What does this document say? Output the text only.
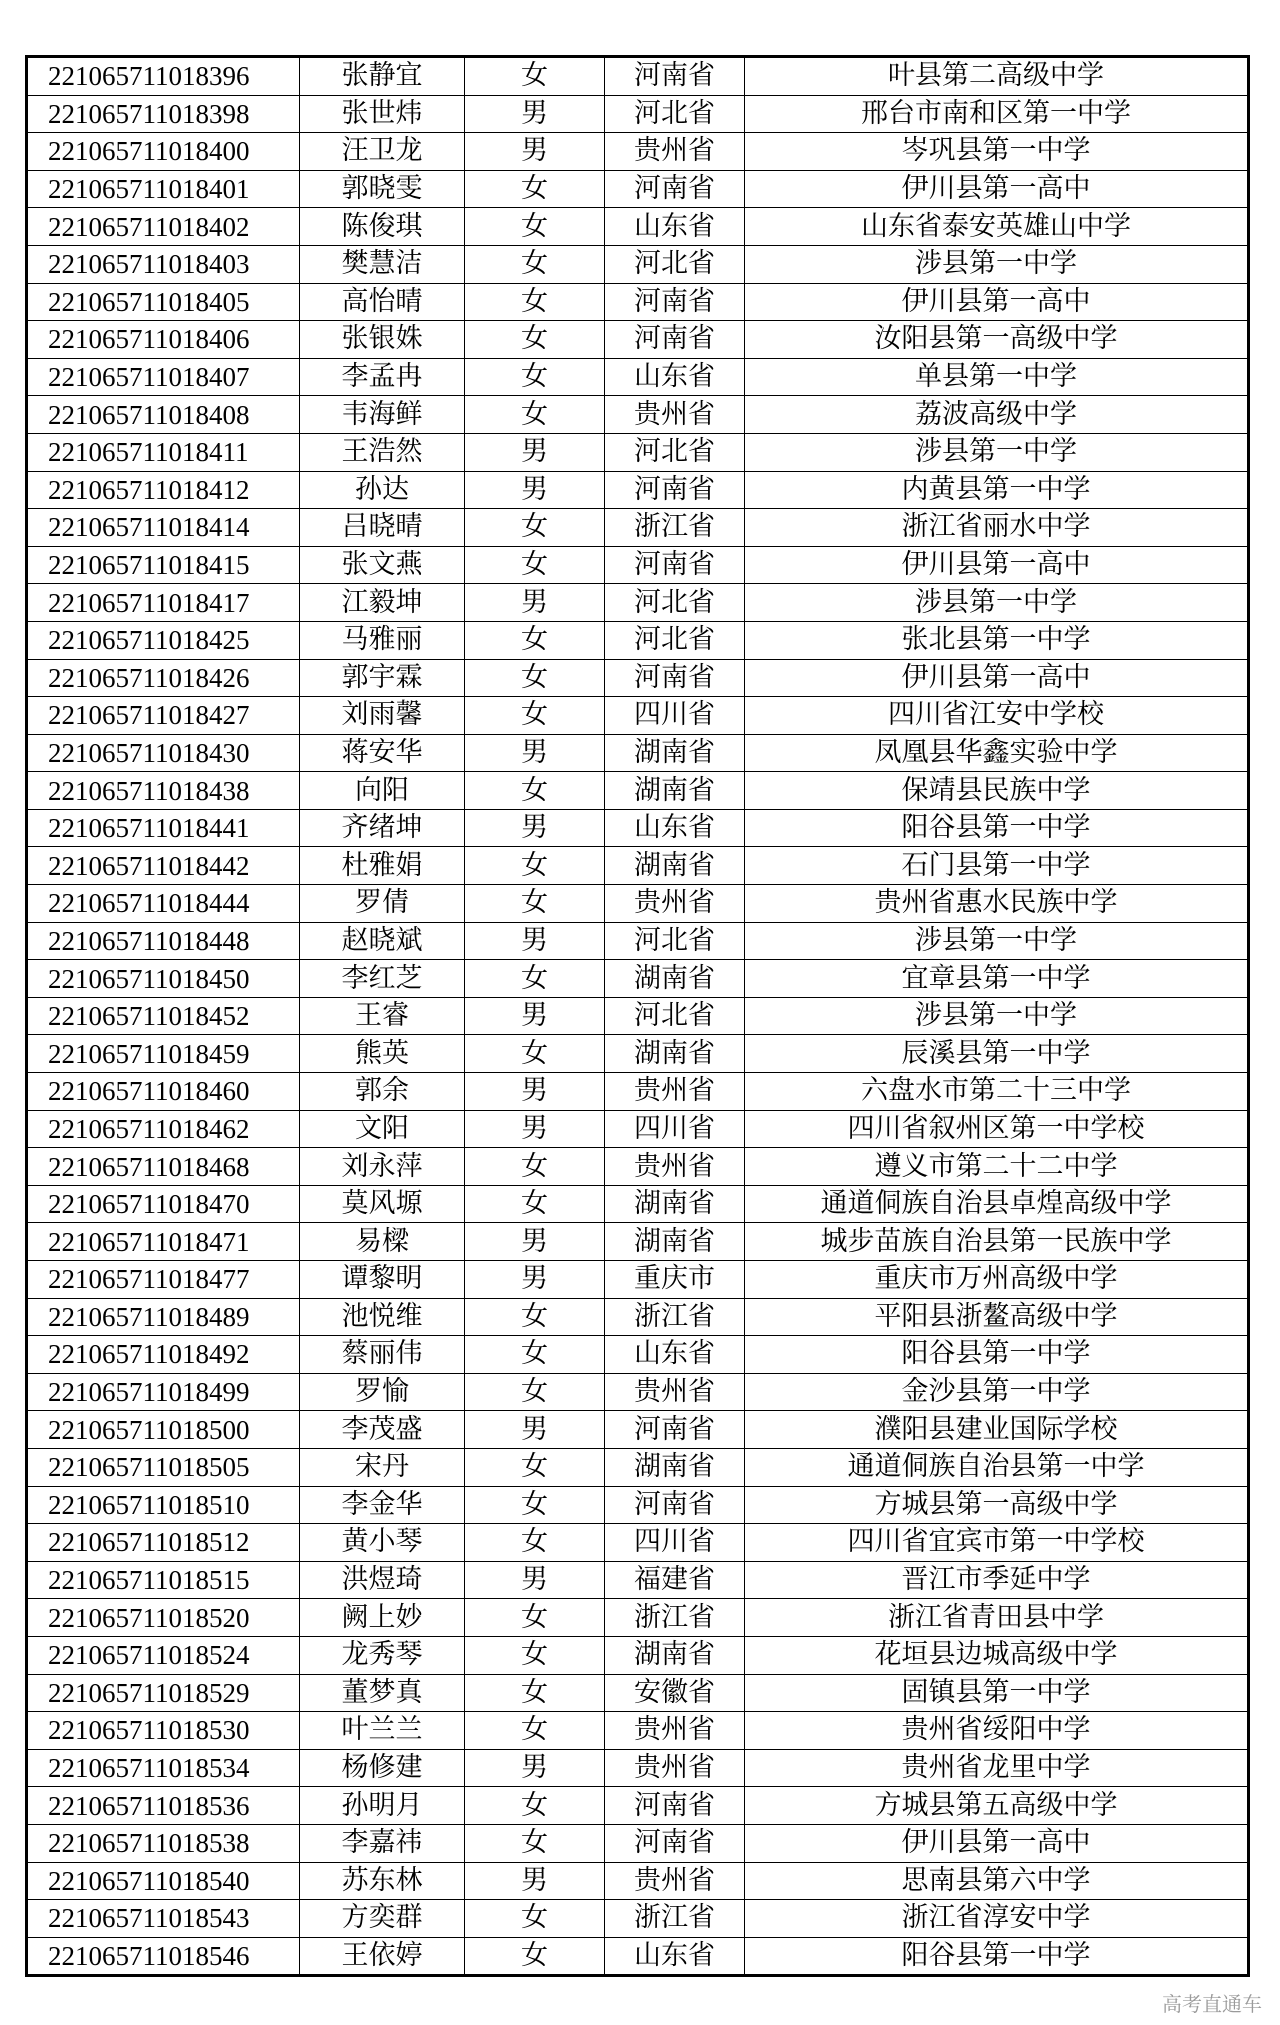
221065711018396	张静宜	女	河南省	叶县第二高级中学
221065711018398	张世炜	男	河北省	邢台市南和区第一中学
221065711018400	汪卫龙	男	贵州省	岑巩县第一中学
221065711018401	郭晓雯	女	河南省	伊川县第一高中
221065711018402	陈俊琪	女	山东省	山东省泰安英雄山中学
221065711018403	樊慧洁	女	河北省	涉县第一中学
221065711018405	高怡晴	女	河南省	伊川县第一高中
221065711018406	张银姝	女	河南省	汝阳县第一高级中学
221065711018407	李孟冉	女	山东省	单县第一中学
221065711018408	韦海鲜	女	贵州省	荔波高级中学
221065711018411	王浩然	男	河北省	涉县第一中学
221065711018412	孙达	男	河南省	内黄县第一中学
221065711018414	吕晓晴	女	浙江省	浙江省丽水中学
221065711018415	张文燕	女	河南省	伊川县第一高中
221065711018417	江毅坤	男	河北省	涉县第一中学
221065711018425	马雅丽	女	河北省	张北县第一中学
221065711018426	郭宇霖	女	河南省	伊川县第一高中
221065711018427	刘雨馨	女	四川省	四川省江安中学校
221065711018430	蒋安华	男	湖南省	凤凰县华鑫实验中学
221065711018438	向阳	女	湖南省	保靖县民族中学
221065711018441	齐绪坤	男	山东省	阳谷县第一中学
221065711018442	杜雅娟	女	湖南省	石门县第一中学
221065711018444	罗倩	女	贵州省	贵州省惠水民族中学
221065711018448	赵晓斌	男	河北省	涉县第一中学
221065711018450	李红芝	女	湖南省	宜章县第一中学
221065711018452	王睿	男	河北省	涉县第一中学
221065711018459	熊英	女	湖南省	辰溪县第一中学
221065711018460	郭余	男	贵州省	六盘水市第二十三中学
221065711018462	文阳	男	四川省	四川省叙州区第一中学校
221065711018468	刘永萍	女	贵州省	遵义市第二十二中学
221065711018470	莫风塬	女	湖南省	通道侗族自治县卓煌高级中学
221065711018471	易樑	男	湖南省	城步苗族自治县第一民族中学
221065711018477	谭黎明	男	重庆市	重庆市万州高级中学
221065711018489	池悦维	女	浙江省	平阳县浙鳌高级中学
221065711018492	蔡丽伟	女	山东省	阳谷县第一中学
221065711018499	罗愉	女	贵州省	金沙县第一中学
221065711018500	李茂盛	男	河南省	濮阳县建业国际学校
221065711018505	宋丹	女	湖南省	通道侗族自治县第一中学
221065711018510	李金华	女	河南省	方城县第一高级中学
221065711018512	黄小琴	女	四川省	四川省宜宾市第一中学校
221065711018515	洪煜琦	男	福建省	晋江市季延中学
221065711018520	阙上妙	女	浙江省	浙江省青田县中学
221065711018524	龙秀琴	女	湖南省	花垣县边城高级中学
221065711018529	董梦真	女	安徽省	固镇县第一中学
221065711018530	叶兰兰	女	贵州省	贵州省绥阳中学
221065711018534	杨修建	男	贵州省	贵州省龙里中学
221065711018536	孙明月	女	河南省	方城县第五高级中学
221065711018538	李嘉祎	女	河南省	伊川县第一高中
221065711018540	苏东林	男	贵州省	思南县第六中学
221065711018543	方奕群	女	浙江省	浙江省淳安中学
221065711018546	王依婷	女	山东省	阳谷县第一中学
高考直通车
